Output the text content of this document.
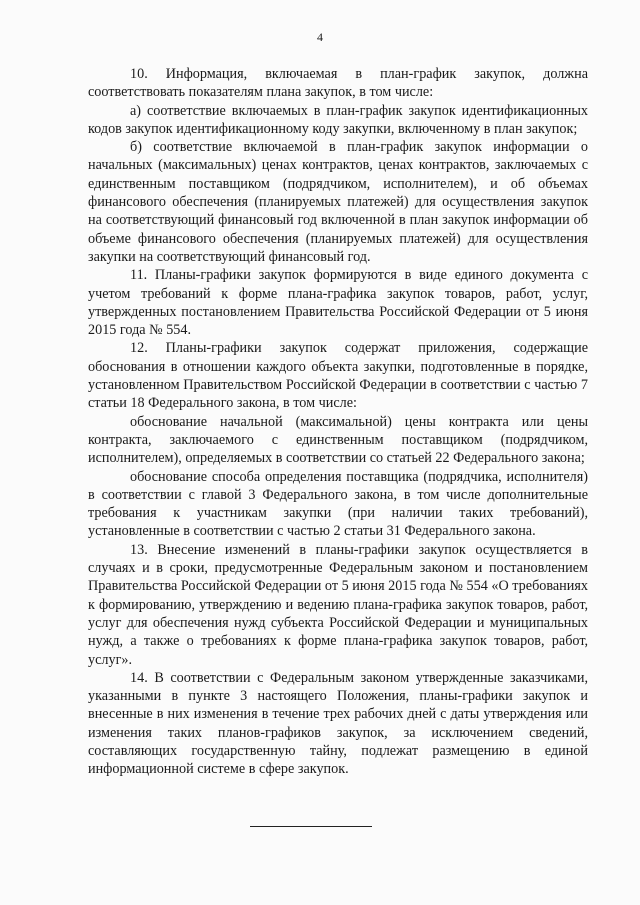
4

10. Информация, включаемая в план-график закупок, должна соответствовать показателям плана закупок, в том числе:

а) соответствие включаемых в план-график закупок идентификационных кодов закупок идентификационному коду закупки, включенному в план закупок;

б) соответствие включаемой в план-график закупок информации о начальных (максимальных) ценах контрактов, ценах контрактов, заключаемых с единственным поставщиком (подрядчиком, исполнителем), и об объемах финансового обеспечения (планируемых платежей) для осуществления закупок на соответствующий финансовый год включенной в план закупок информации об объеме финансового обеспечения (планируемых платежей) для осуществления закупки на соответствующий финансовый год.

11. Планы-графики закупок формируются в виде единого документа с учетом требований к форме плана-графика закупок товаров, работ, услуг, утвержденных постановлением Правительства Российской Федерации от 5 июня 2015 года № 554.

12. Планы-графики закупок содержат приложения, содержащие обоснования в отношении каждого объекта закупки, подготовленные в порядке, установленном Правительством Российской Федерации в соответствии с частью 7 статьи 18 Федерального закона, в том числе:

обоснование начальной (максимальной) цены контракта или цены контракта, заключаемого с единственным поставщиком (подрядчиком, исполнителем), определяемых в соответствии со статьей 22 Федерального закона;

обоснование способа определения поставщика (подрядчика, исполнителя) в соответствии с главой 3 Федерального закона, в том числе дополнительные требования к участникам закупки (при наличии таких требований), установленные в соответствии с частью 2 статьи 31 Федерального закона.

13. Внесение изменений в планы-графики закупок осуществляется в случаях и в сроки, предусмотренные Федеральным законом и постановлением Правительства Российской Федерации от 5 июня 2015 года № 554 «О требованиях к формированию, утверждению и ведению плана-графика закупок товаров, работ, услуг для обеспечения нужд субъекта Российской Федерации и муниципальных нужд, а также о требованиях к форме плана-графика закупок товаров, работ, услуг».

14. В соответствии с Федеральным законом утвержденные заказчиками, указанными в пункте 3 настоящего Положения, планы-графики закупок и внесенные в них изменения в течение трех рабочих дней с даты утверждения или изменения таких планов-графиков закупок, за исключением сведений, составляющих государственную тайну, подлежат размещению в единой информационной системе в сфере закупок.
